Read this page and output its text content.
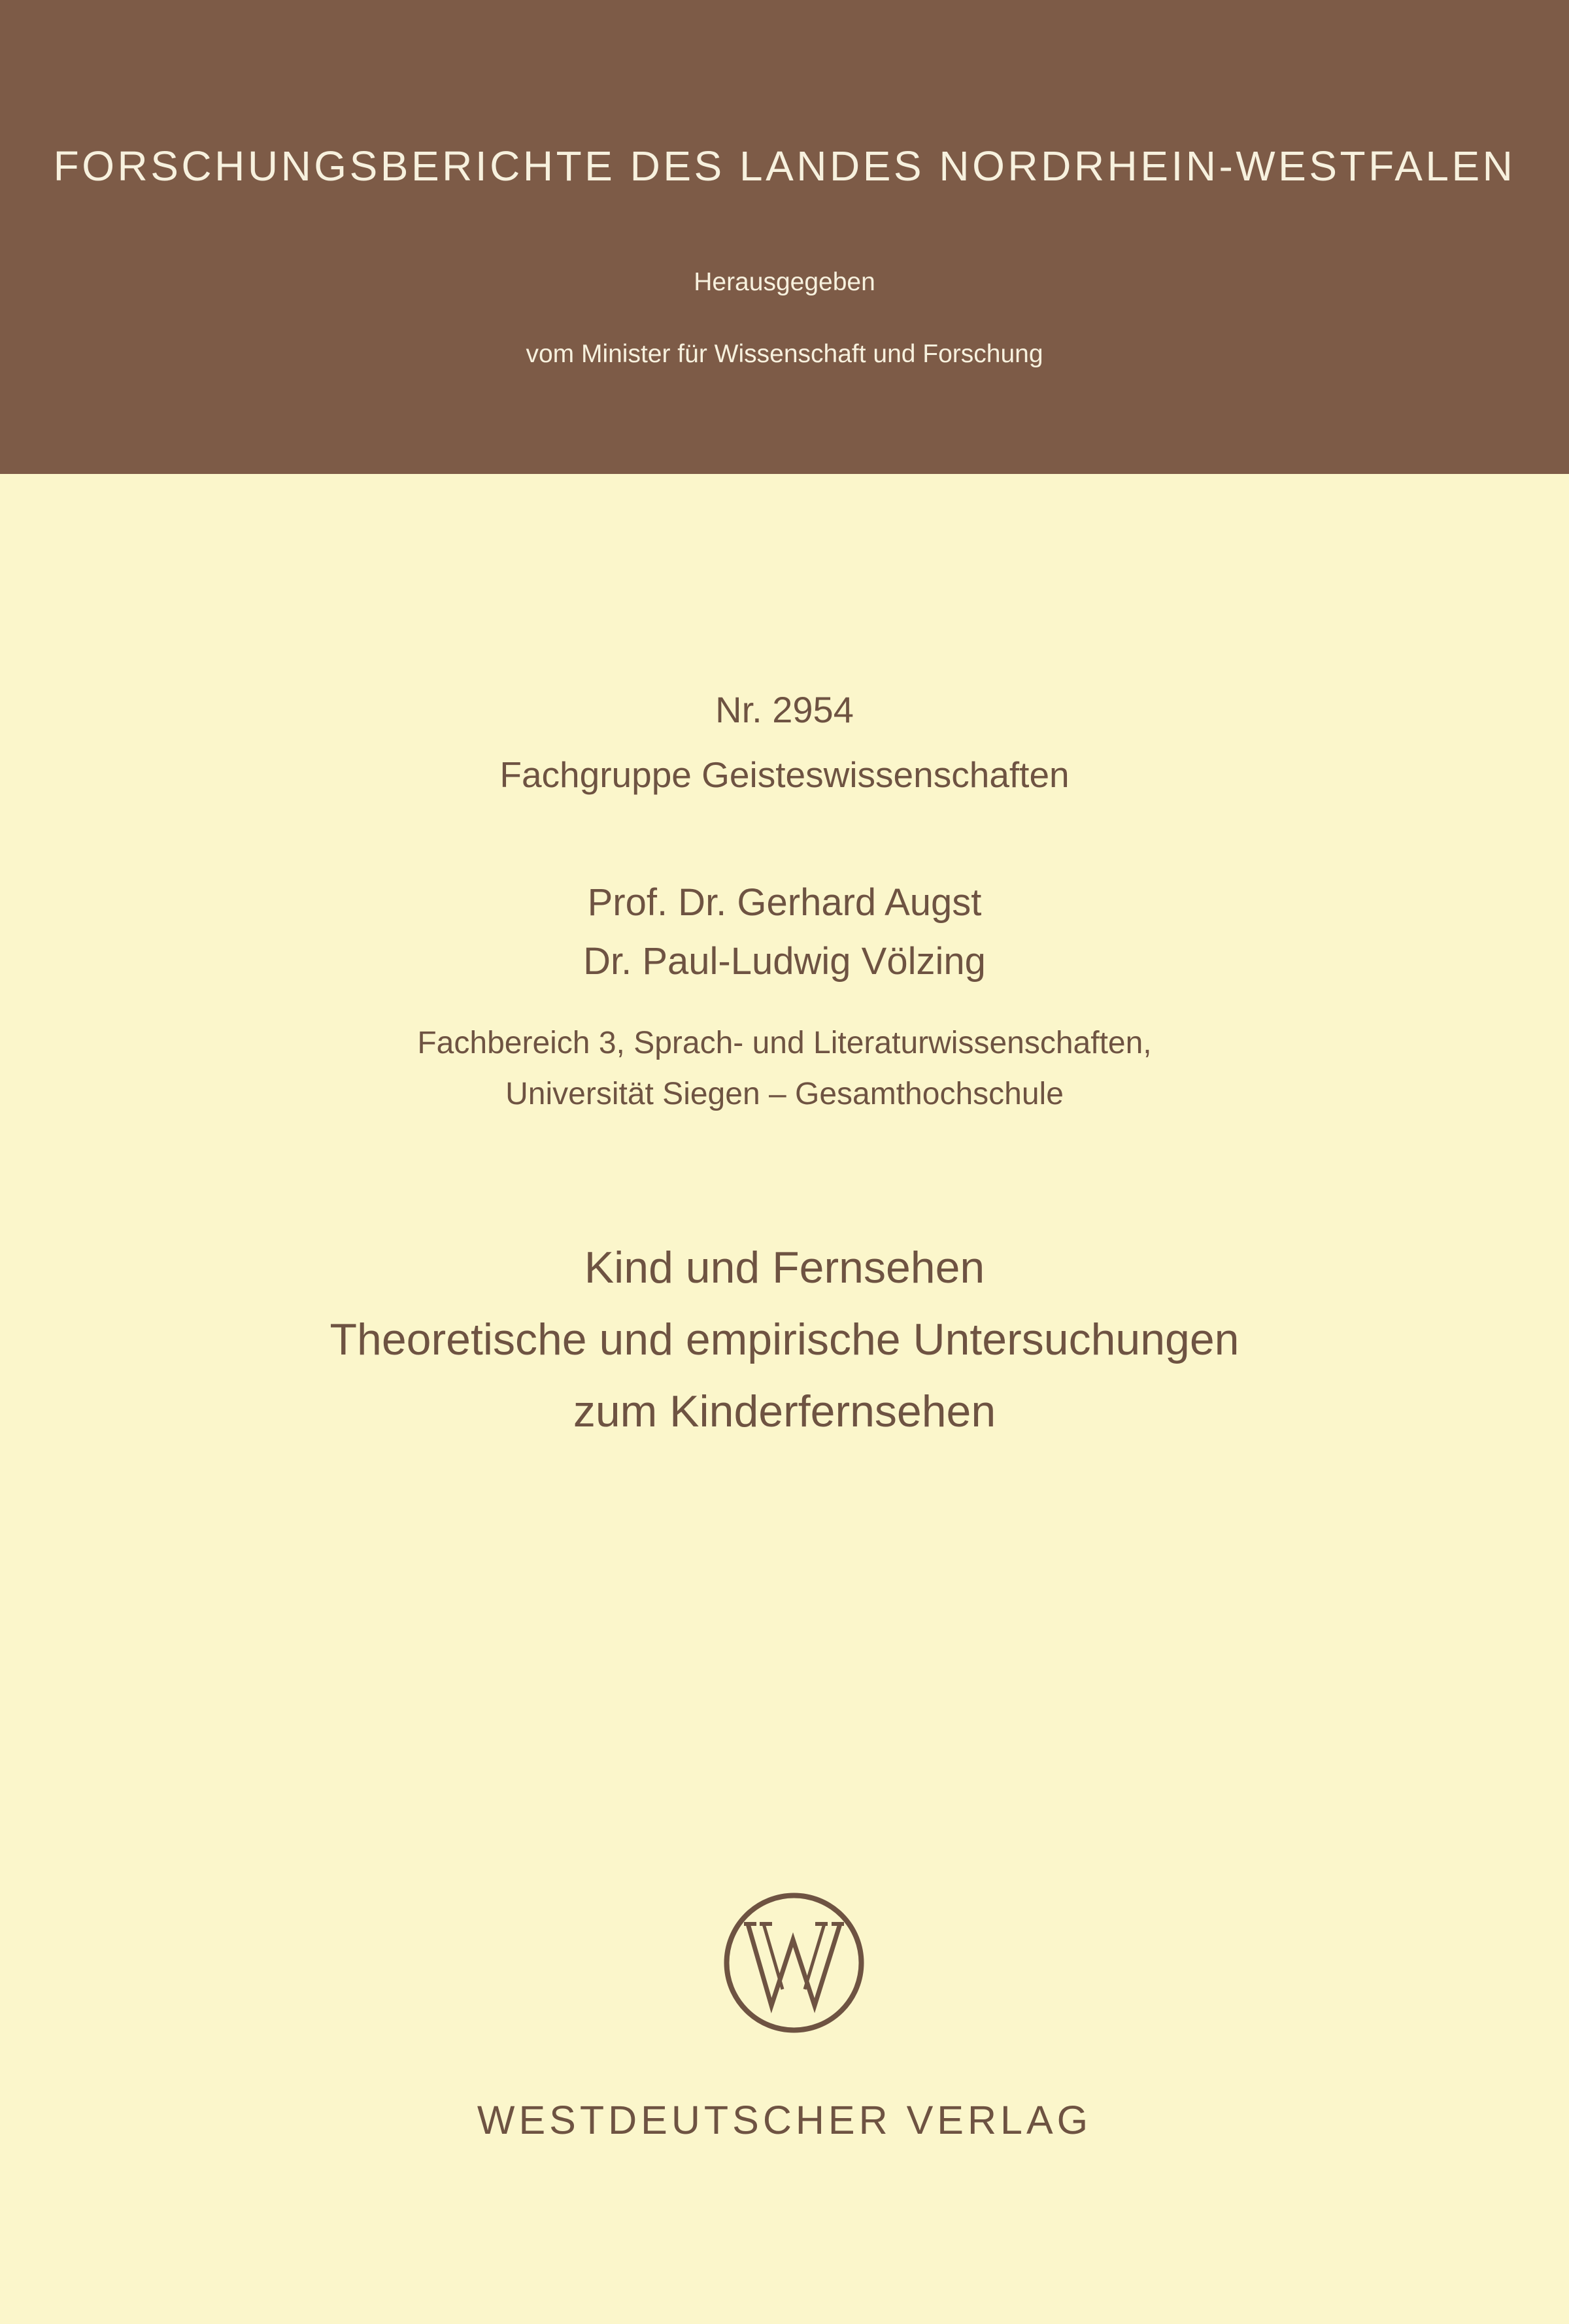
FORSCHUNGSBERICHTE DES LANDES NORDRHEIN-WESTFALEN
Herausgegeben
vom Minister für Wissenschaft und Forschung
Nr. 2954
Fachgruppe Geisteswissenschaften
Prof. Dr. Gerhard Augst
Dr. Paul-Ludwig Völzing
Fachbereich 3, Sprach- und Literaturwissenschaften,
Universität Siegen – Gesamthochschule
Kind und Fernsehen
Theoretische und empirische Untersuchungen
zum Kinderfernsehen
WESTDEUTSCHER VERLAG
